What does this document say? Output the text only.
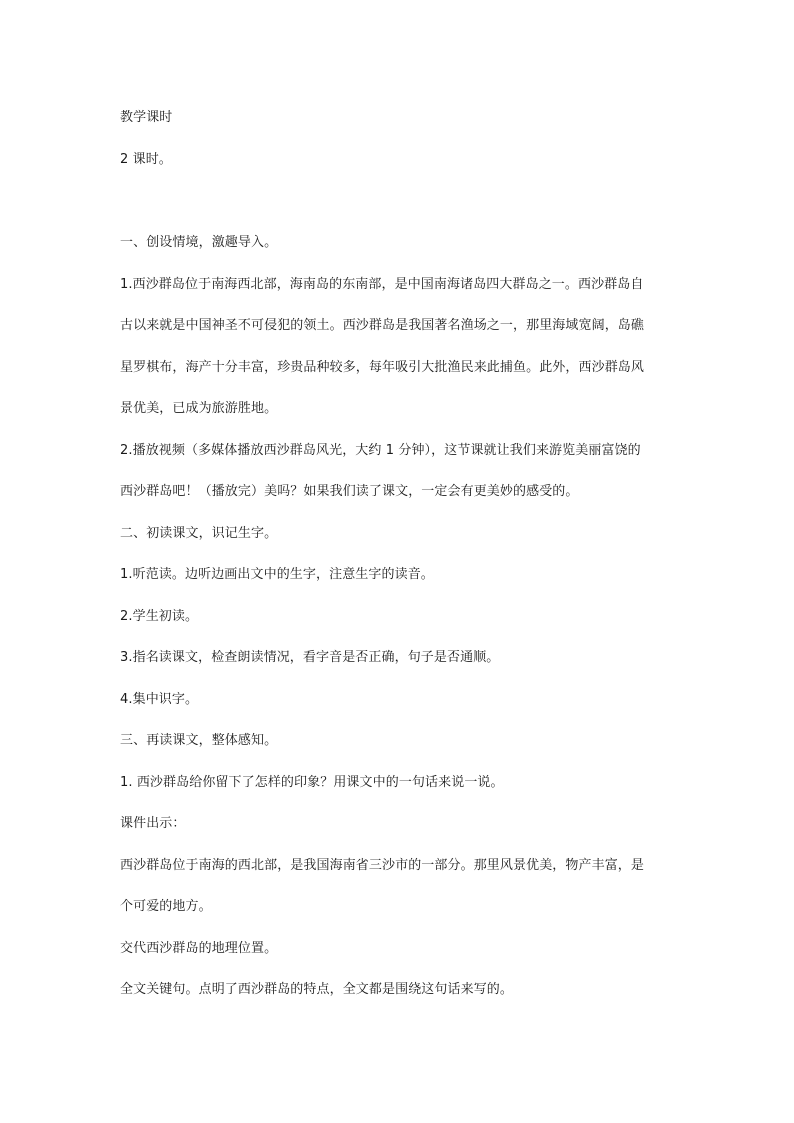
教学课时
2 课时。
一、创设情境，激趣导入。
1.西沙群岛位于南海西北部，海南岛的东南部，是中国南海诸岛四大群岛之一。西沙群岛自
古以来就是中国神圣不可侵犯的领土。西沙群岛是我国著名渔场之一，那里海域宽阔，岛礁
星罗棋布，海产十分丰富，珍贵品种较多，每年吸引大批渔民来此捕鱼。此外，西沙群岛风
景优美，已成为旅游胜地。
2.播放视频（多媒体播放西沙群岛风光，大约 1 分钟），这节课就让我们来游览美丽富饶的
西沙群岛吧！（播放完）美吗？如果我们读了课文，一定会有更美妙的感受的。
二、初读课文，识记生字。
1.听范读。边听边画出文中的生字，注意生字的读音。
2.学生初读。
3.指名读课文，检查朗读情况，看字音是否正确，句子是否通顺。
4.集中识字。
三、再读课文，整体感知。
1. 西沙群岛给你留下了怎样的印象？用课文中的一句话来说一说。
课件出示：
西沙群岛位于南海的西北部，是我国海南省三沙市的一部分。那里风景优美，物产丰富，是
个可爱的地方。
交代西沙群岛的地理位置。
全文关键句。点明了西沙群岛的特点，全文都是围绕这句话来写的。
